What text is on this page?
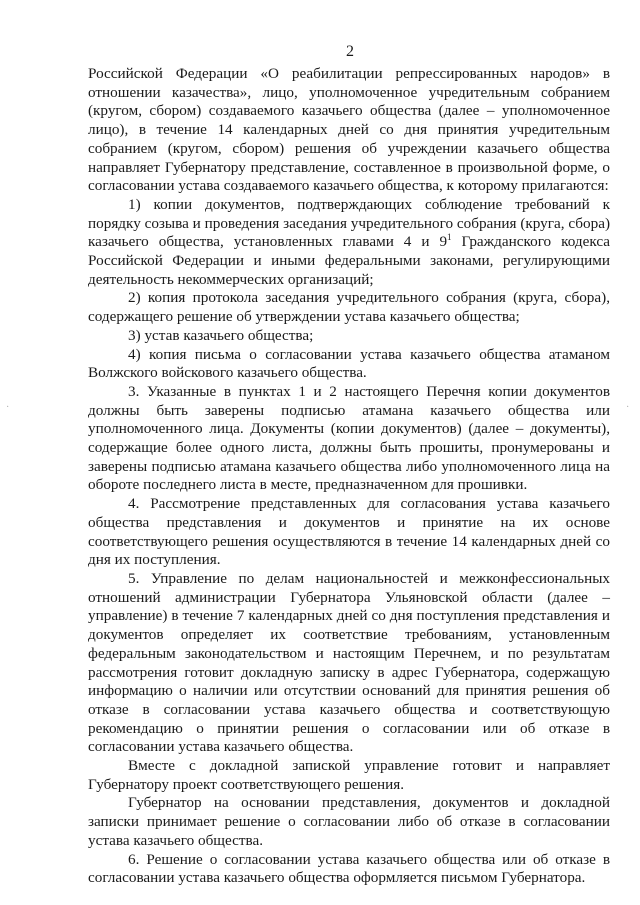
2

Российской Федерации «О реабилитации репрессированных народов» в отношении казачества», лицо, уполномоченное учредительным собранием (кругом, сбором) создаваемого казачьего общества (далее – уполномоченное лицо), в течение 14 календарных дней со дня принятия учредительным собранием (кругом, сбором) решения об учреждении казачьего общества направляет Губернатору представление, составленное в произвольной форме, о согласовании устава создаваемого казачьего общества, к которому прилагаются:

1) копии документов, подтверждающих соблюдение требований к порядку созыва и проведения заседания учредительного собрания (круга, сбора) казачьего общества, установленных главами 4 и $9^1$ Гражданского кодекса Российской Федерации и иными федеральными законами, регулирующими деятельность некоммерческих организаций;

2) копия протокола заседания учредительного собрания (круга, сбора), содержащего решение об утверждении устава казачьего общества;

3) устав казачьего общества;

4) копия письма о согласовании устава казачьего общества атаманом Волжского войскового казачьего общества.

3. Указанные в пунктах 1 и 2 настоящего Перечня копии документов должны быть заверены подписью атамана казачьего общества или уполномоченного лица. Документы (копии документов) (далее – документы), содержащие более одного листа, должны быть прошиты, пронумерованы и заверены подписью атамана казачьего общества либо уполномоченного лица на обороте последнего листа в месте, предназначенном для прошивки.

4. Рассмотрение представленных для согласования устава казачьего общества представления и документов и принятие на их основе соответствующего решения осуществляются в течение 14 календарных дней со дня их поступления.

5. Управление по делам национальностей и межконфессиональных отношений администрации Губернатора Ульяновской области (далее – управление) в течение 7 календарных дней со дня поступления представления и документов определяет их соответствие требованиям, установленным федеральным законодательством и настоящим Перечнем, и по результатам рассмотрения готовит докладную записку в адрес Губернатора, содержащую информацию о наличии или отсутствии оснований для принятия решения об отказе в согласовании устава казачьего общества и соответствующую рекомендацию о принятии решения о согласовании или об отказе в согласовании устава казачьего общества.

Вместе с докладной запиской управление готовит и направляет Губернатору проект соответствующего решения.

Губернатор на основании представления, документов и докладной записки принимает решение о согласовании либо об отказе в согласовании устава казачьего общества.

6. Решение о согласовании устава казачьего общества или об отказе в согласовании устава казачьего общества оформляется письмом Губернатора.

·	·
